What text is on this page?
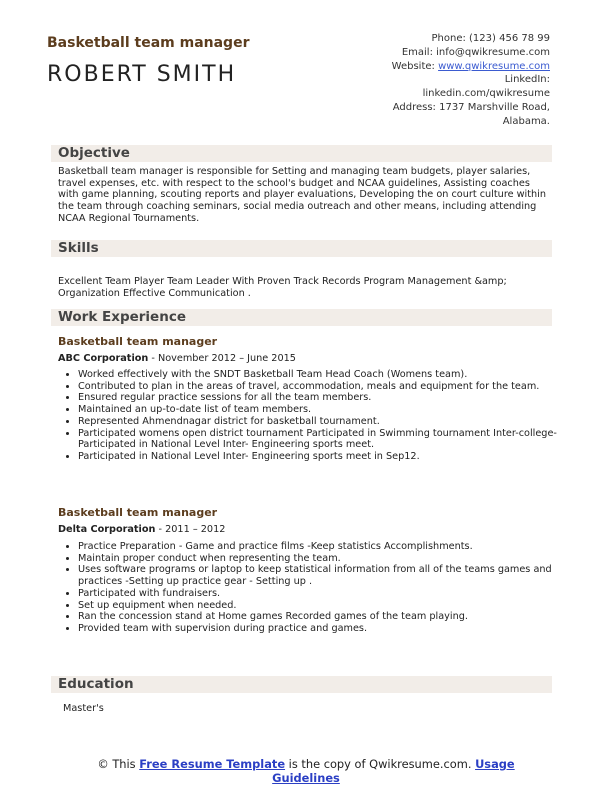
Basketball team manager
ROBERT SMITH
Phone: (123) 456 78 99
Email: info@qwikresume.com
Website: www.qwikresume.com
LinkedIn:
linkedin.com/qwikresume
Address: 1737 Marshville Road,
Alabama.
Objective
Basketball team manager is responsible for Setting and managing team budgets, player salaries, travel expenses, etc. with respect to the school's budget and NCAA guidelines, Assisting coaches with game planning, scouting reports and player evaluations, Developing the on court culture within the team through coaching seminars, social media outreach and other means, including attending NCAA Regional Tournaments.
Skills
Excellent Team Player Team Leader With Proven Track Records Program Management &amp; Organization Effective Communication .
Work Experience
Basketball team manager
ABC Corporation - November 2012 – June 2015
• Worked effectively with the SNDT Basketball Team Head Coach (Womens team).
• Contributed to plan in the areas of travel, accommodation, meals and equipment for the team.
• Ensured regular practice sessions for all the team members.
• Maintained an up-to-date list of team members.
• Represented Ahmendnagar district for basketball tournament.
• Participated womens open district tournament Participated in Swimming tournament Inter-college- Participated in National Level Inter- Engineering sports meet.
• Participated in National Level Inter- Engineering sports meet in Sep12.
Basketball team manager
Delta Corporation - 2011 – 2012
• Practice Preparation - Game and practice films -Keep statistics Accomplishments.
• Maintain proper conduct when representing the team.
• Uses software programs or laptop to keep statistical information from all of the teams games and practices -Setting up practice gear - Setting up .
• Participated with fundraisers.
• Set up equipment when needed.
• Ran the concession stand at Home games Recorded games of the team playing.
• Provided team with supervision during practice and games.
Education
Master's
© This Free Resume Template is the copy of Qwikresume.com. Usage
Guidelines
